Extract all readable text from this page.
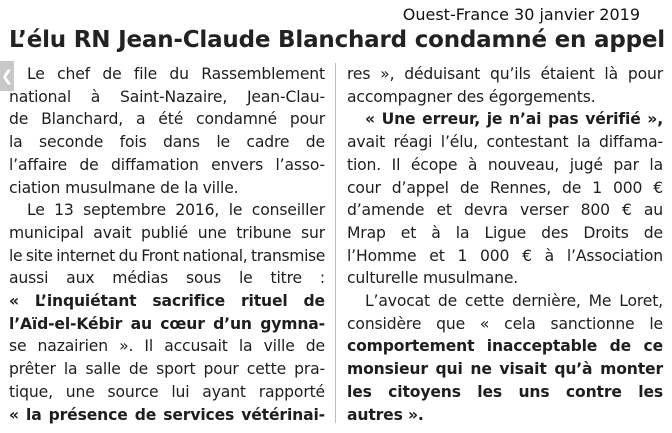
Ouest-France 30 janvier 2019
L’élu RN Jean-Claude Blanchard condamné en appel
❮ Le chef de file du Rassemblement
national à Saint-Nazaire, Jean-Clau-
de Blanchard, a été condamné pour
la seconde fois dans le cadre de
l’affaire de diffamation envers l’asso-
ciation musulmane de la ville.

Le 13 septembre 2016, le conseiller
municipal avait publié une tribune sur
le site internet du Front national, transmise
aussi aux médias sous le titre :
« L’inquiétant sacrifice rituel de
l’Aïd-el-Kébir au cœur d’un gymna-
se nazairien ». Il accusait la ville de
prêter la salle de sport pour cette pra-
tique, une source lui ayant rapporté
« la présence de services vétérinai-

res », déduisant qu’ils étaient là pour
accompagner des égorgements.
« Une erreur, je n’ai pas vérifié »,
avait réagi l’élu, contestant la diffama-
tion. Il écope à nouveau, jugé par la
cour d’appel de Rennes, de 1 000 €
d’amende et devra verser 800 € au
Mrap et à la Ligue des Droits de
l’Homme et 1 000 € à l’Association
culturelle musulmane.

L’avocat de cette dernière, Me Loret,
considère que « cela sanctionne le
comportement inacceptable de ce
monsieur qui ne visait qu’à monter
les citoyens les uns contre les
autres ».
